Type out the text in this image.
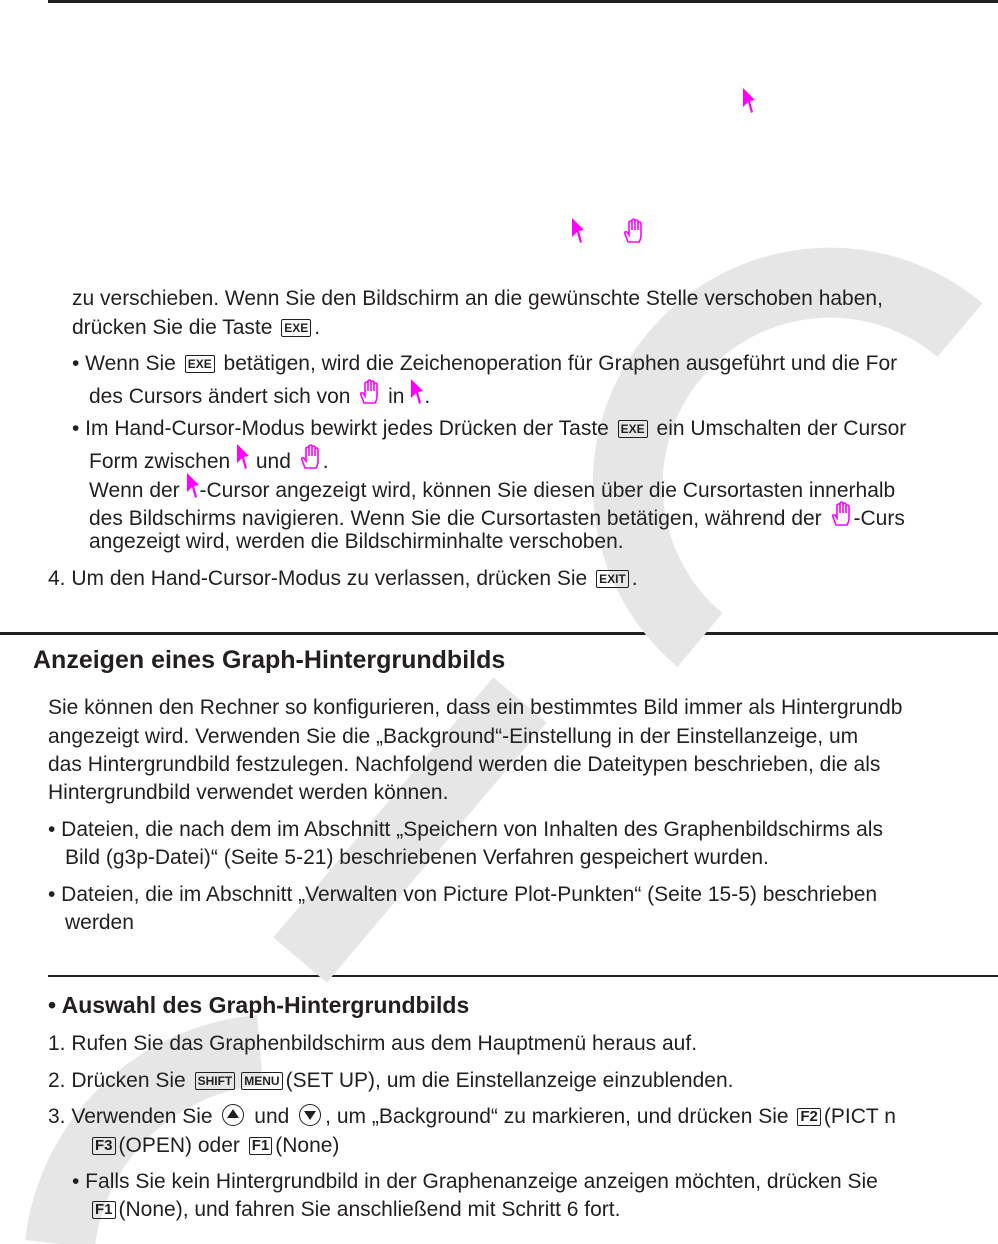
zu verschieben. Wenn Sie den Bildschirm an die gewünschte Stelle verschoben haben,
drücken Sie die Taste EXE .
• Wenn Sie EXE betätigen, wird die Zeichenoperation für Graphen ausgeführt und die For
des Cursors ändert sich von  in .
• Im Hand-Cursor-Modus bewirkt jedes Drücken der Taste EXE ein Umschalten der Cursor
Form zwischen  und .
Wenn der -Cursor angezeigt wird, können Sie diesen über die Cursortasten innerhalb
des Bildschirms navigieren. Wenn Sie die Cursortasten betätigen, während der -Curs
angezeigt wird, werden die Bildschirminhalte verschoben.
4. Um den Hand-Cursor-Modus zu verlassen, drücken Sie EXIT .
Anzeigen eines Graph-Hintergrundbilds
Sie können den Rechner so konfigurieren, dass ein bestimmtes Bild immer als Hintergrundb
angezeigt wird. Verwenden Sie die „Background“-Einstellung in der Einstellanzeige, um
das Hintergrundbild festzulegen. Nachfolgend werden die Dateitypen beschrieben, die als
Hintergrundbild verwendet werden können.
• Dateien, die nach dem im Abschnitt „Speichern von Inhalten des Graphenbildschirms als
Bild (g3p-Datei)“ (Seite 5-21) beschriebenen Verfahren gespeichert wurden.
• Dateien, die im Abschnitt „Verwalten von Picture Plot-Punkten“ (Seite 15-5) beschrieben
werden
• Auswahl des Graph-Hintergrundbilds
1. Rufen Sie das Graphenbildschirm aus dem Hauptmenü heraus auf.
2. Drücken Sie SHIFT MENU (SET UP), um die Einstellanzeige einzublenden.
3. Verwenden Sie  und , um „Background“ zu markieren, und drücken Sie F2 (PICT n
F3 (OPEN) oder F1 (None)
• Falls Sie kein Hintergrundbild in der Graphenanzeige anzeigen möchten, drücken Sie
F1 (None), und fahren Sie anschließend mit Schritt 6 fort.
